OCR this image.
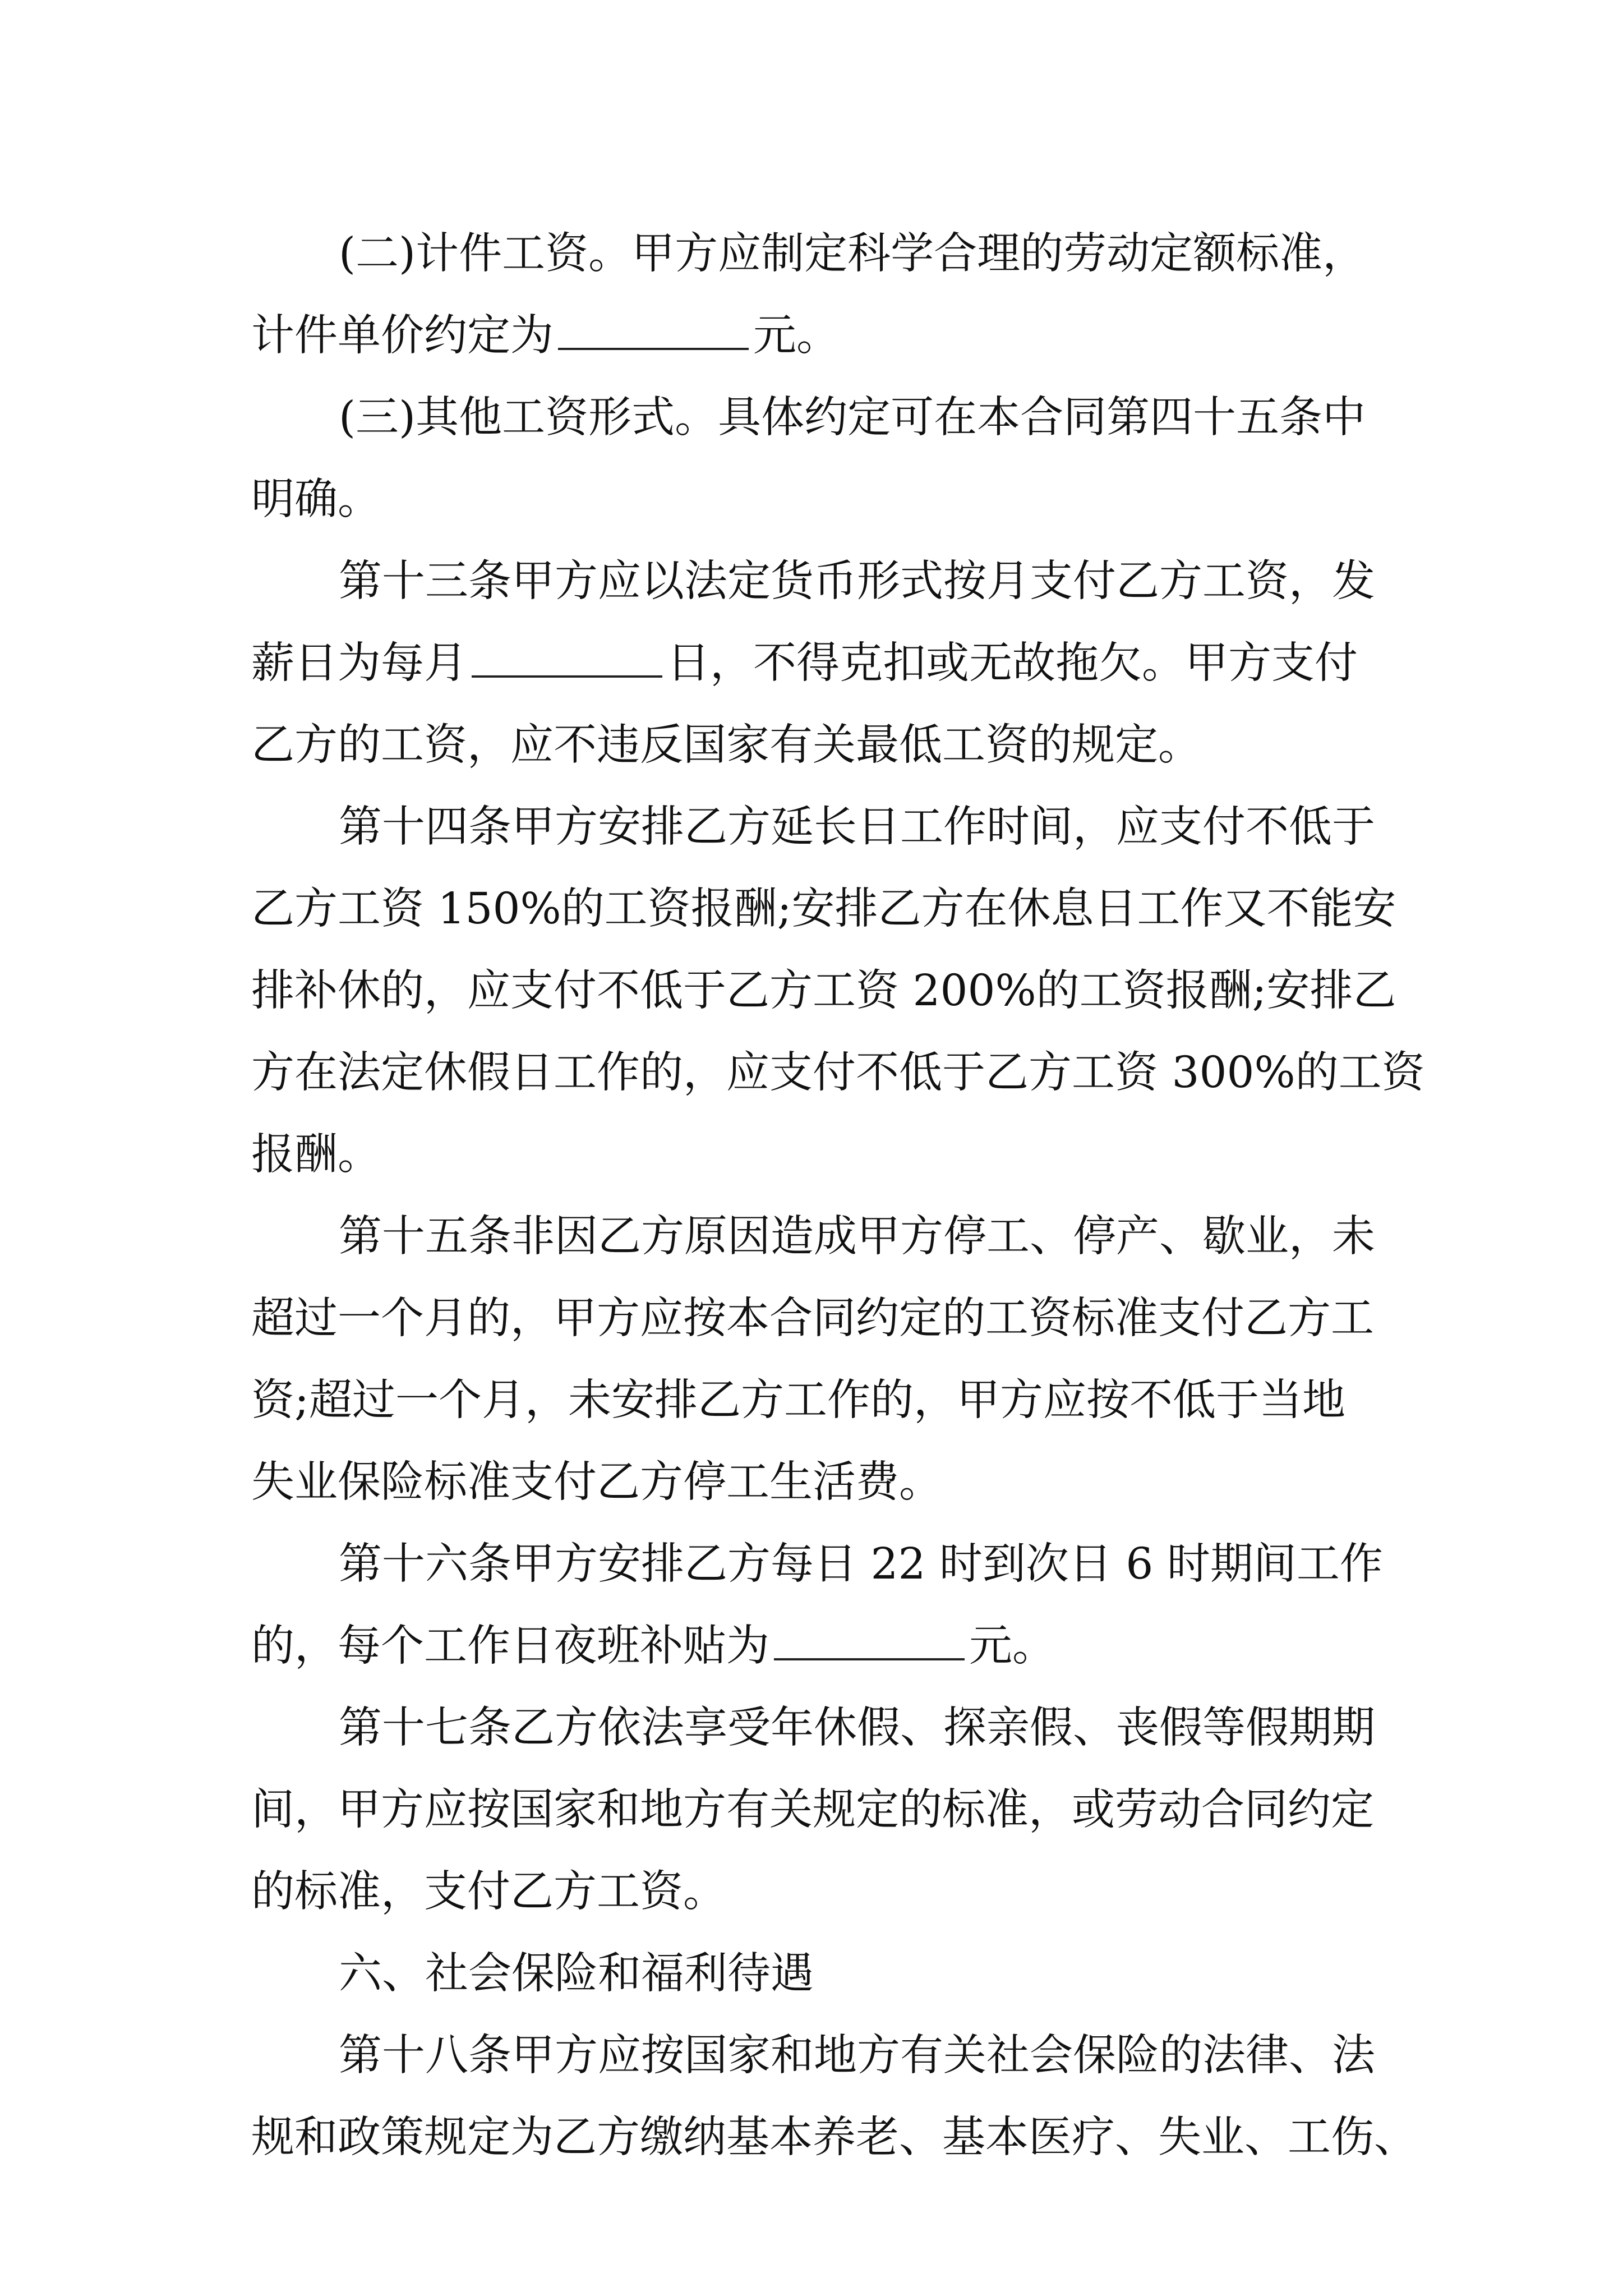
(二)计件工资。甲方应制定科学合理的劳动定额标准，
计件单价约定为	元。
(三)其他工资形式。具体约定可在本合同第四十五条中
明确。
第十三条甲方应以法定货币形式按月支付乙方工资，发
薪日为每月	日，不得克扣或无故拖欠。甲方支付
乙方的工资，应不违反国家有关最低工资的规定。
第十四条甲方安排乙方延长日工作时间，应支付不低于
乙方工资 150%的工资报酬;安排乙方在休息日工作又不能安
排补休的，应支付不低于乙方工资 200%的工资报酬;安排乙
方在法定休假日工作的，应支付不低于乙方工资 300%的工资
报酬。
第十五条非因乙方原因造成甲方停工、停产、歇业，未
超过一个月的，甲方应按本合同约定的工资标准支付乙方工
资;超过一个月，未安排乙方工作的，甲方应按不低于当地
失业保险标准支付乙方停工生活费。
第十六条甲方安排乙方每日 22 时到次日 6 时期间工作
的，每个工作日夜班补贴为	元。
第十七条乙方依法享受年休假、探亲假、丧假等假期期
间，甲方应按国家和地方有关规定的标准，或劳动合同约定
的标准，支付乙方工资。
六、社会保险和福利待遇
第十八条甲方应按国家和地方有关社会保险的法律、法
规和政策规定为乙方缴纳基本养老、基本医疗、失业、工伤、
